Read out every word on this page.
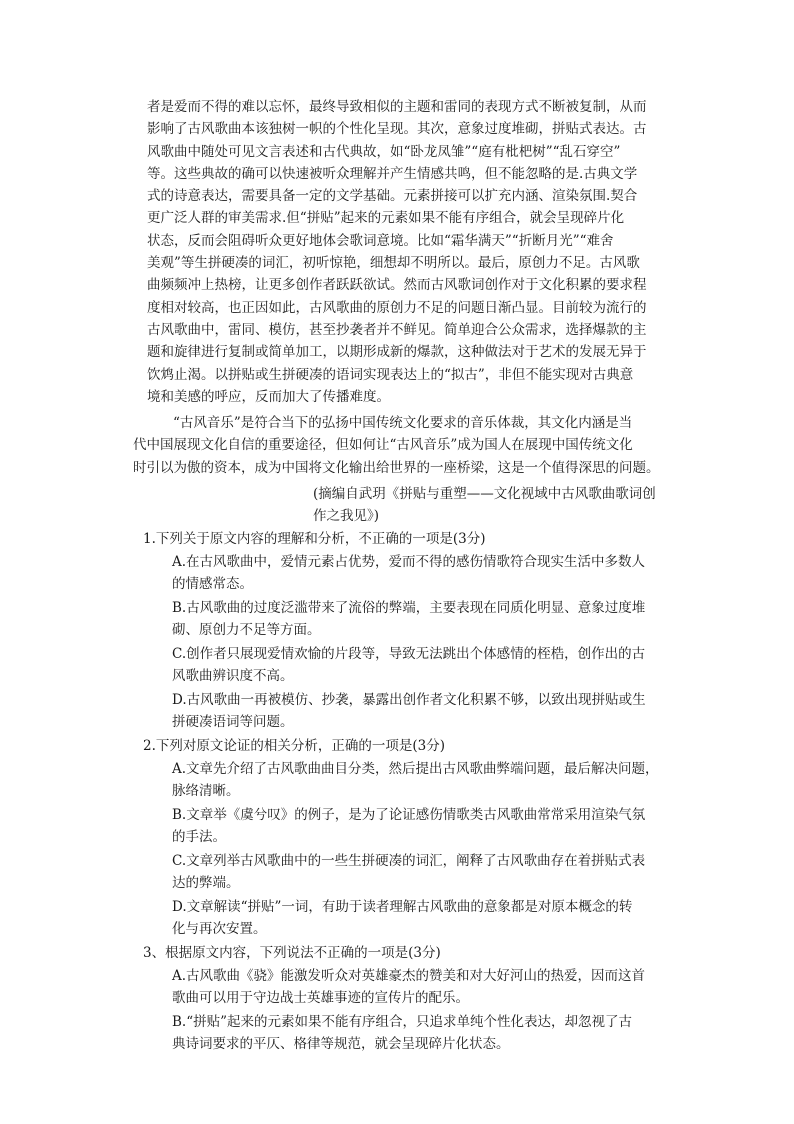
者是爱而不得的难以忘怀，最终导致相似的主题和雷同的表现方式不断被复制，从而
影响了古风歌曲本该独树一帜的个性化呈现。其次，意象过度堆砌，拼贴式表达。古
风歌曲中随处可见文言表述和古代典故，如“卧龙凤雏”“庭有枇杷树”“乱石穿空”
等。这些典故的确可以快速被听众理解并产生情感共鸣，但不能忽略的是.古典文学
式的诗意表达，需要具备一定的文学基础。元素拼接可以扩充内涵、渲染氛围.契合
更广泛人群的审美需求.但“拼贴”起来的元素如果不能有序组合，就会呈现碎片化
状态，反而会阻碍听众更好地体会歌词意境。比如“霜华满天”“折断月光”“难舍
美观”等生拼硬凑的词汇，初听惊艳，细想却不明所以。最后，原创力不足。古风歌
曲频频冲上热榜，让更多创作者跃跃欲试。然而古风歌词创作对于文化积累的要求程
度相对较高，也正因如此，古风歌曲的原创力不足的问题日渐凸显。目前较为流行的
古风歌曲中，雷同、模仿，甚至抄袭者并不鲜见。简单迎合公众需求，选择爆款的主
题和旋律进行复制或简单加工，以期形成新的爆款，这种做法对于艺术的发展无异于
饮鸩止渴。以拼贴或生拼硬凑的语词实现表达上的“拟古”，非但不能实现对古典意
境和美感的呼应，反而加大了传播难度。
“古风音乐”是符合当下的弘扬中国传统文化要求的音乐体裁，其文化内涵是当
代中国展现文化自信的重要途径，但如何让“古风音乐”成为国人在展现中国传统文化
时引以为傲的资本，成为中国将文化输出给世界的一座桥梁，这是一个值得深思的问题。
(摘编自武玥《拼贴与重塑——文化视域中古风歌曲歌词创
作之我见》)
1.下列关于原文内容的理解和分析，不正确的一项是(3分)
A.在古风歌曲中，爱情元素占优势，爱而不得的感伤情歌符合现实生活中多数人
的情感常态。
B.古风歌曲的过度泛滥带来了流俗的弊端，主要表现在同质化明显、意象过度堆
砌、原创力不足等方面。
C.创作者只展现爱情欢愉的片段等，导致无法跳出个体感情的桎梏，创作出的古
风歌曲辨识度不高。
D.古风歌曲一再被模仿、抄袭，暴露出创作者文化积累不够，以致出现拼贴或生
拼硬凑语词等问题。
2.下列对原文论证的相关分析，正确的一项是(3分)
A.文章先介绍了古风歌曲曲目分类，然后提出古风歌曲弊端问题，最后解决问题，
脉络清晰。
B.文章举《虞兮叹》的例子，是为了论证感伤情歌类古风歌曲常常采用渲染气氛
的手法。
C.文章列举古风歌曲中的一些生拼硬凑的词汇，阐释了古风歌曲存在着拼贴式表
达的弊端。
D.文章解读“拼贴”一词，有助于读者理解古风歌曲的意象都是对原本概念的转
化与再次安置。
3、根据原文内容，下列说法不正确的一项是(3分)
A.古风歌曲《骁》能激发听众对英雄豪杰的赞美和对大好河山的热爱，因而这首
歌曲可以用于守边战士英雄事迹的宣传片的配乐。
B.“拼贴”起来的元素如果不能有序组合，只追求单纯个性化表达，却忽视了古
典诗词要求的平仄、格律等规范，就会呈现碎片化状态。
